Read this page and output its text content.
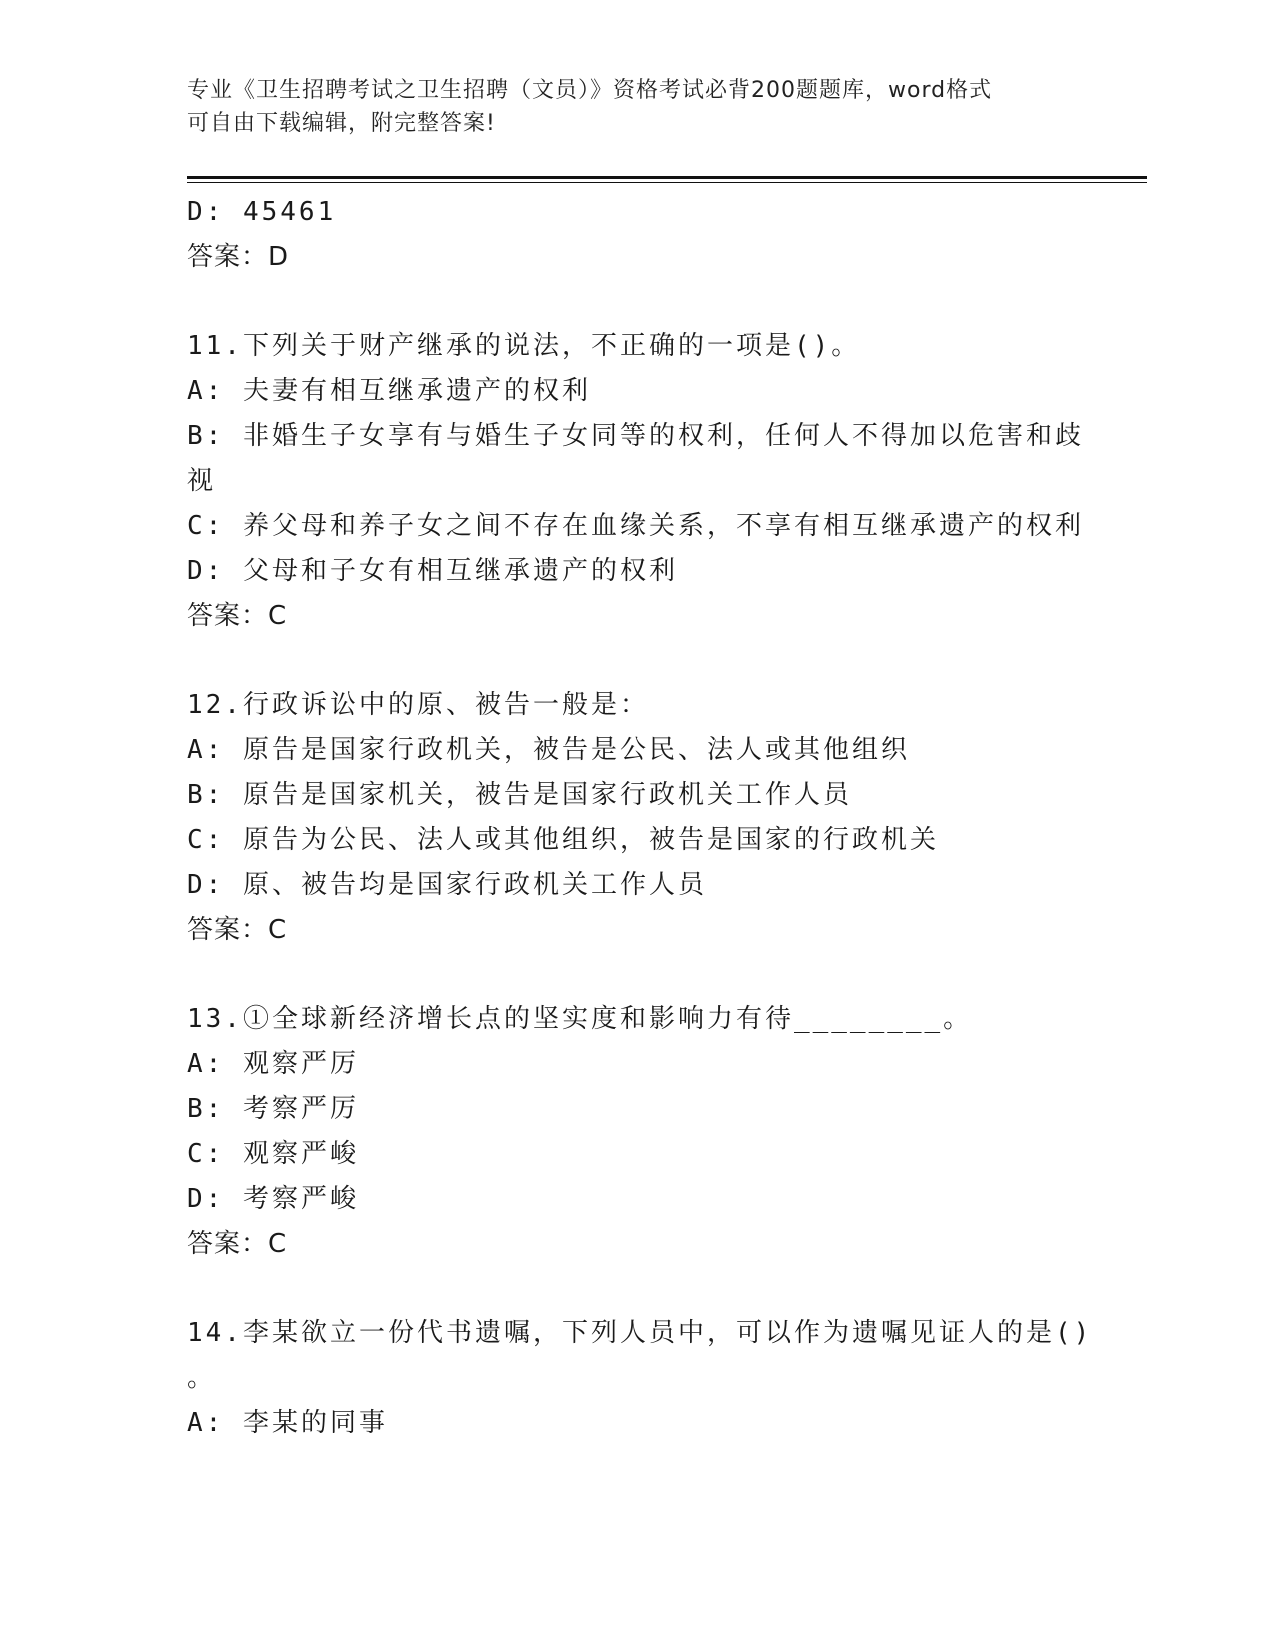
专业《卫生招聘考试之卫生招聘（文员）》资格考试必背200题题库，word格式
可自由下载编辑，附完整答案!
D: 45461
答案：D
11.下列关于财产继承的说法，不正确的一项是()。
A: 夫妻有相互继承遗产的权利
B: 非婚生子女享有与婚生子女同等的权利，任何人不得加以危害和歧
视
C: 养父母和养子女之间不存在血缘关系，不享有相互继承遗产的权利
D: 父母和子女有相互继承遗产的权利
答案：C
12.行政诉讼中的原、被告一般是：
A: 原告是国家行政机关，被告是公民、法人或其他组织
B: 原告是国家机关，被告是国家行政机关工作人员
C: 原告为公民、法人或其他组织，被告是国家的行政机关
D: 原、被告均是国家行政机关工作人员
答案：C
13.①全球新经济增长点的坚实度和影响力有待________。
A: 观察严厉
B: 考察严厉
C: 观察严峻
D: 考察严峻
答案：C
14.李某欲立一份代书遗嘱，下列人员中，可以作为遗嘱见证人的是()
。
A: 李某的同事
